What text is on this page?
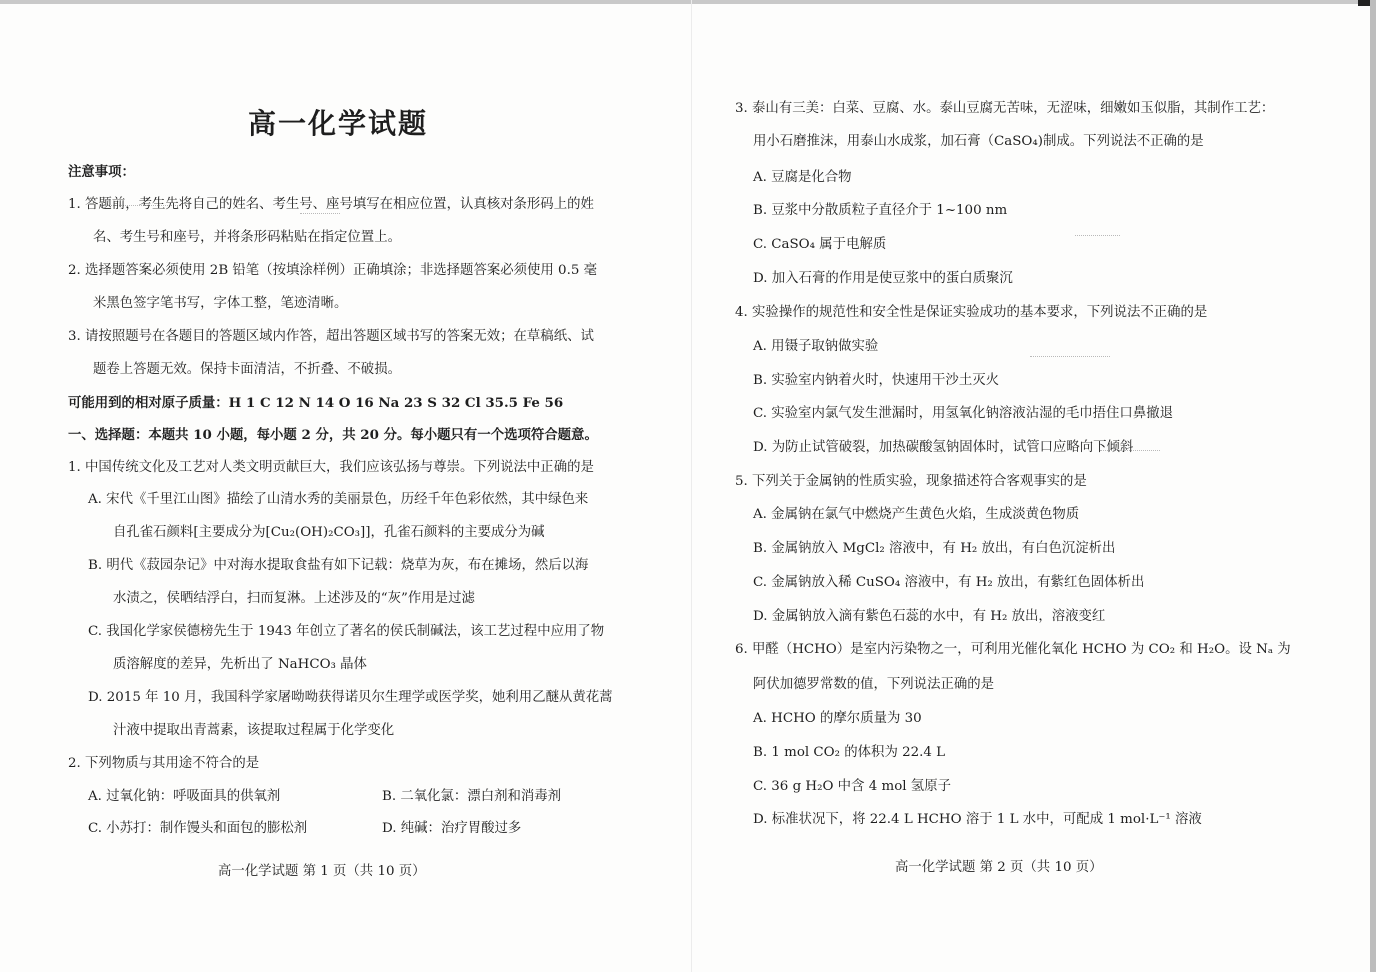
高一化学试题
注意事项：
1. 答题前，考生先将自己的姓名、考生号、座号填写在相应位置，认真核对条形码上的姓
名、考生号和座号，并将条形码粘贴在指定位置上。
2. 选择题答案必须使用 2B 铅笔（按填涂样例）正确填涂；非选择题答案必须使用 0.5 毫
米黑色签字笔书写，字体工整，笔迹清晰。
3. 请按照题号在各题目的答题区域内作答，超出答题区域书写的答案无效；在草稿纸、试
题卷上答题无效。保持卡面清洁，不折叠、不破损。
可能用到的相对原子质量：H 1 C 12 N 14 O 16 Na 23 S 32 Cl 35.5 Fe 56
一、选择题：本题共 10 小题，每小题 2 分，共 20 分。每小题只有一个选项符合题意。
1. 中国传统文化及工艺对人类文明贡献巨大，我们应该弘扬与尊崇。下列说法中正确的是
A. 宋代《千里江山图》描绘了山清水秀的美丽景色，历经千年色彩依然，其中绿色来
自孔雀石颜料[主要成分为[Cu₂(OH)₂CO₃]]，孔雀石颜料的主要成分为碱
B. 明代《菽园杂记》中对海水提取食盐有如下记载：烧草为灰，布在摊场，然后以海
水渍之，侯晒结浮白，扫而复淋。上述涉及的“灰”作用是过滤
C. 我国化学家侯德榜先生于 1943 年创立了著名的侯氏制碱法，该工艺过程中应用了物
质溶解度的差异，先析出了 NaHCO₃ 晶体
D. 2015 年 10 月，我国科学家屠呦呦获得诺贝尔生理学或医学奖，她利用乙醚从黄花蒿
汁液中提取出青蒿素，该提取过程属于化学变化
2. 下列物质与其用途不符合的是
A. 过氧化钠：呼吸面具的供氧剂	B. 二氧化氯：漂白剂和消毒剂
C. 小苏打：制作馒头和面包的膨松剂	D. 纯碱：治疗胃酸过多
高一化学试题 第 1 页（共 10 页）
3. 泰山有三美：白菜、豆腐、水。泰山豆腐无苦味，无涩味，细嫩如玉似脂，其制作工艺：
用小石磨推沫，用泰山水成浆，加石膏（CaSO₄)制成。下列说法不正确的是
A. 豆腐是化合物
B. 豆浆中分散质粒子直径介于 1~100 nm
C. CaSO₄ 属于电解质
D. 加入石膏的作用是使豆浆中的蛋白质聚沉
4. 实验操作的规范性和安全性是保证实验成功的基本要求，下列说法不正确的是
A. 用镊子取钠做实验
B. 实验室内钠着火时，快速用干沙土灭火
C. 实验室内氯气发生泄漏时，用氢氧化钠溶液沾湿的毛巾捂住口鼻撤退
D. 为防止试管破裂，加热碳酸氢钠固体时，试管口应略向下倾斜
5. 下列关于金属钠的性质实验，现象描述符合客观事实的是
A. 金属钠在氯气中燃烧产生黄色火焰，生成淡黄色物质
B. 金属钠放入 MgCl₂ 溶液中，有 H₂ 放出，有白色沉淀析出
C. 金属钠放入稀 CuSO₄ 溶液中，有 H₂ 放出，有紫红色固体析出
D. 金属钠放入滴有紫色石蕊的水中，有 H₂ 放出，溶液变红
6. 甲醛（HCHO）是室内污染物之一，可利用光催化氧化 HCHO 为 CO₂ 和 H₂O。设 Nₐ 为
阿伏加德罗常数的值，下列说法正确的是
A. HCHO 的摩尔质量为 30
B. 1 mol CO₂ 的体积为 22.4 L
C. 36 g H₂O 中含 4 mol 氢原子
D. 标准状况下，将 22.4 L HCHO 溶于 1 L 水中，可配成 1 mol·L⁻¹ 溶液
高一化学试题 第 2 页（共 10 页）
